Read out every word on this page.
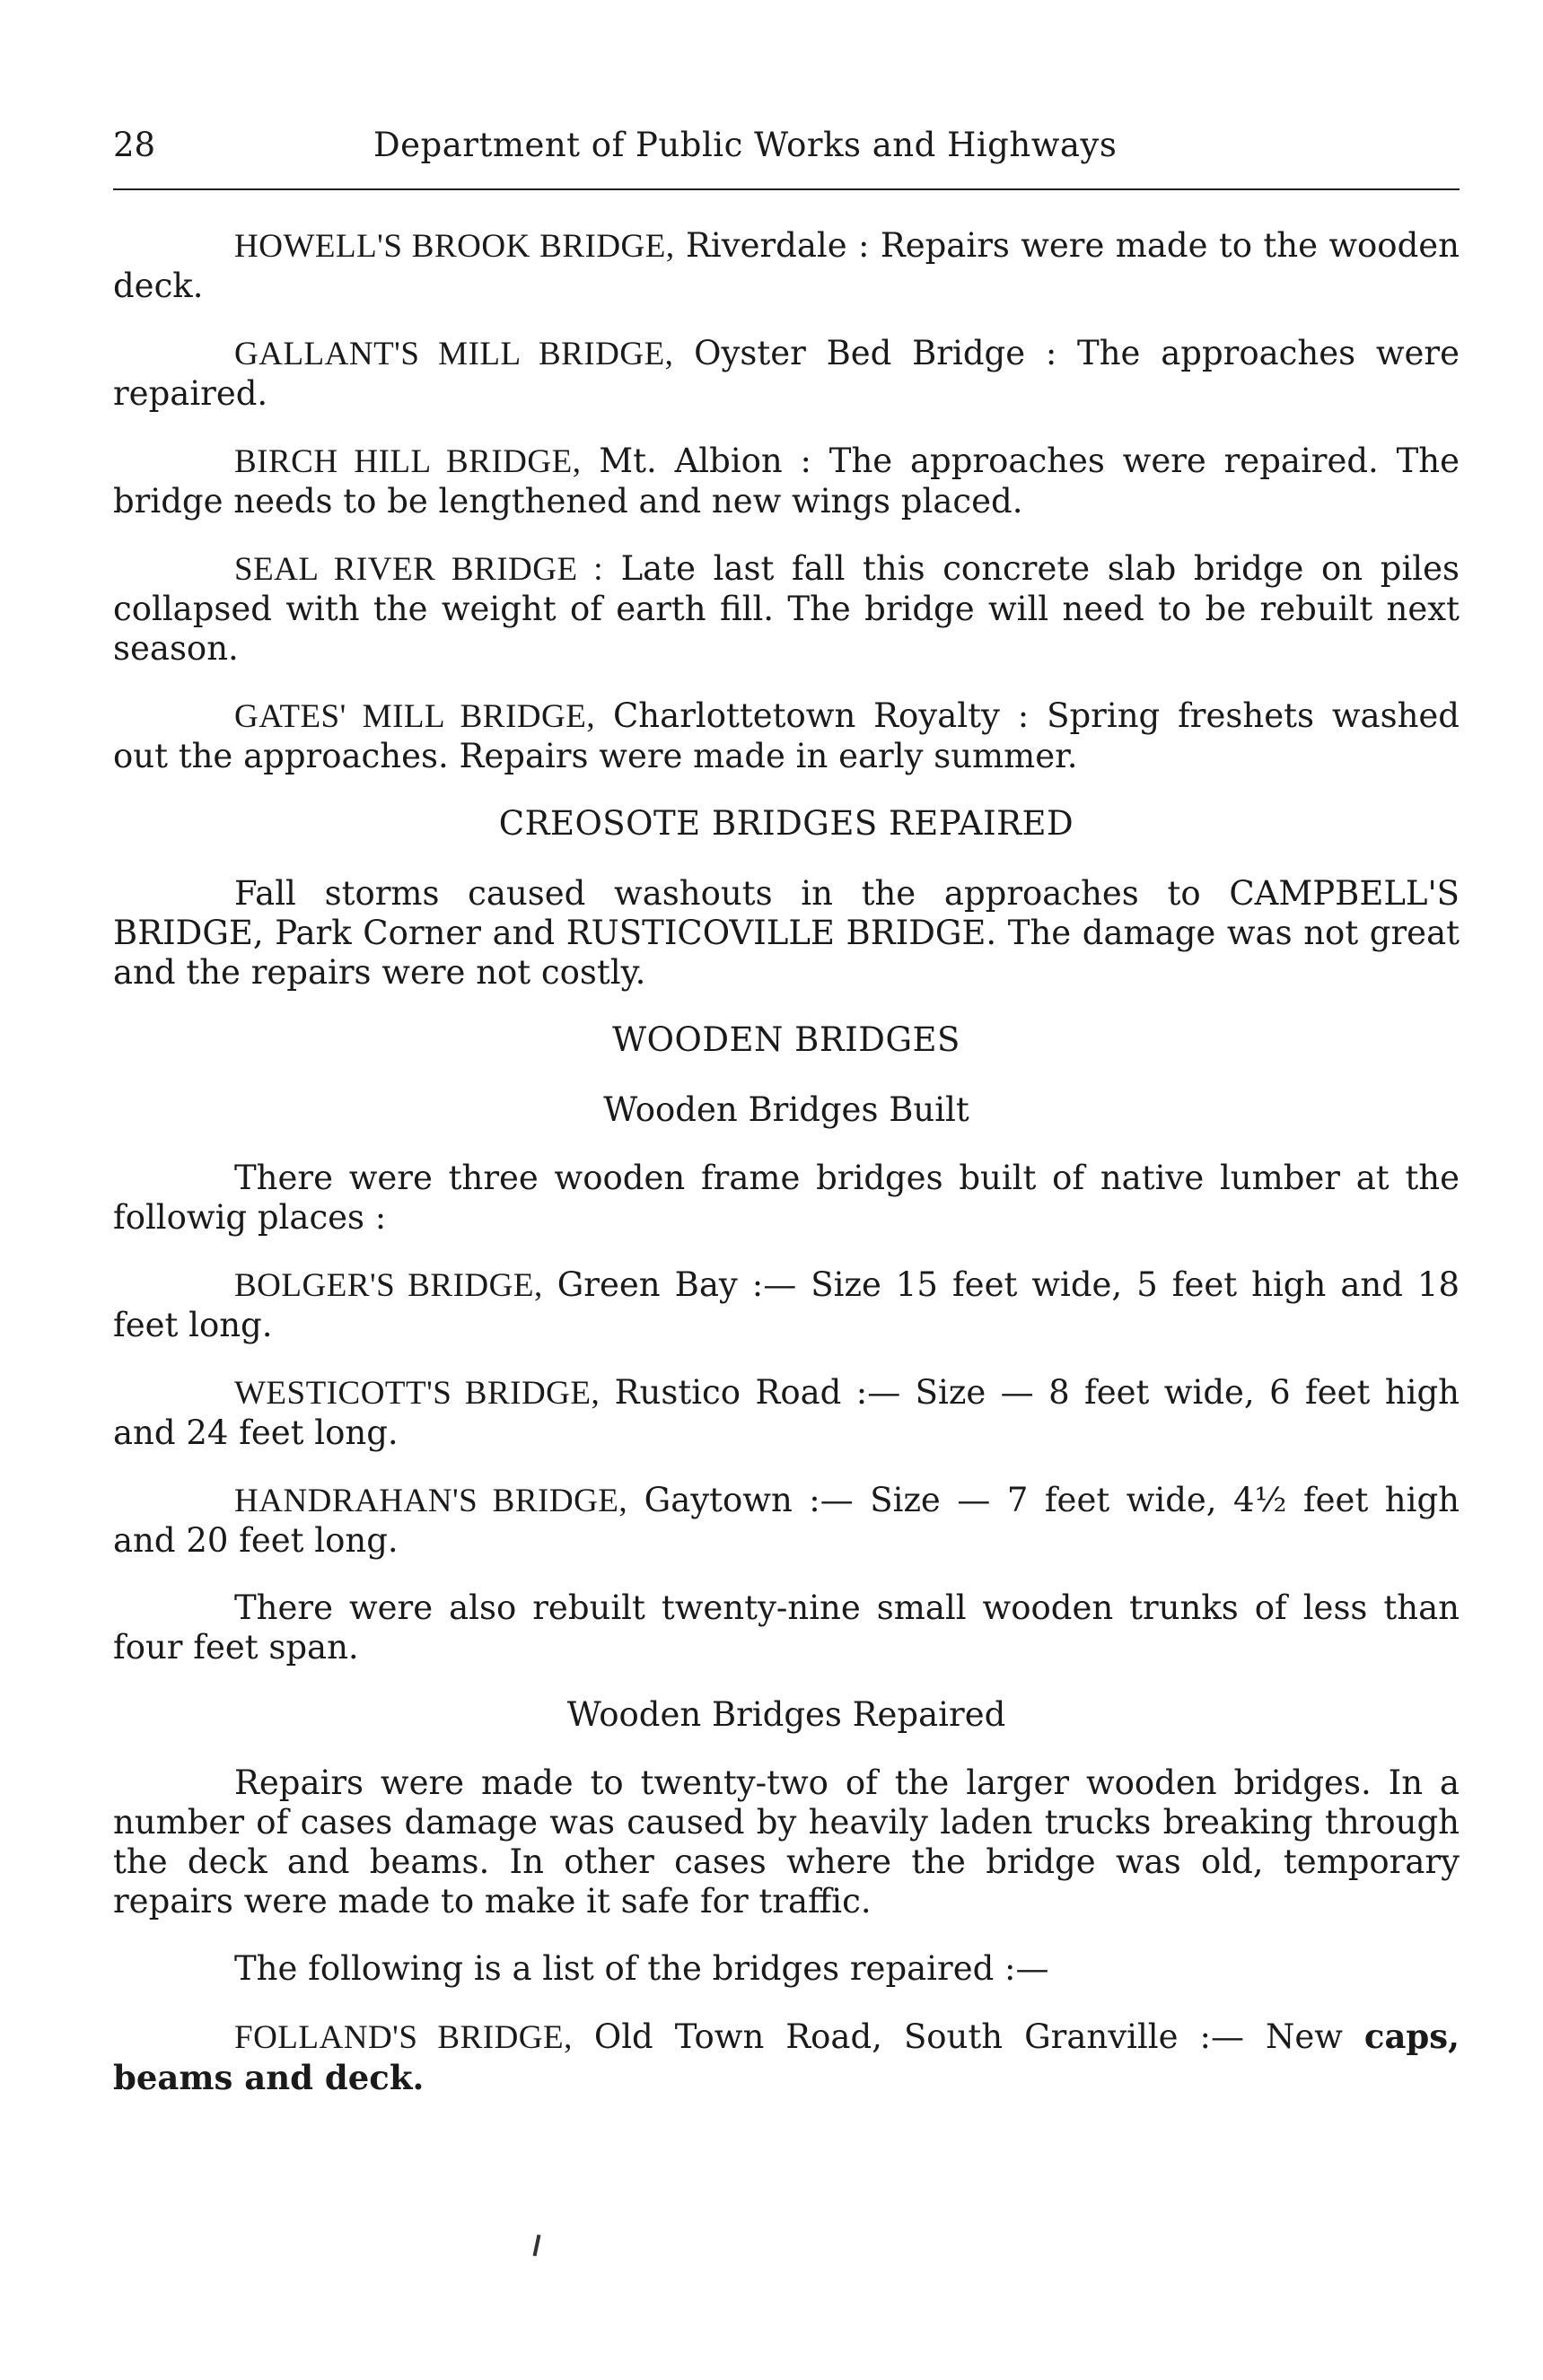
28	Department of Public Works and Highways

HOWELL'S BROOK BRIDGE, Riverdale : Repairs were made to the wooden deck.

GALLANT'S MILL BRIDGE, Oyster Bed Bridge : The approaches were repaired.

BIRCH HILL BRIDGE, Mt. Albion : The approaches were repaired. The bridge needs to be lengthened and new wings placed.

SEAL RIVER BRIDGE : Late last fall this concrete slab bridge on piles collapsed with the weight of earth fill. The bridge will need to be rebuilt next season.

GATES' MILL BRIDGE, Charlottetown Royalty : Spring freshets washed out the approaches. Repairs were made in early summer.

CREOSOTE BRIDGES REPAIRED

Fall storms caused washouts in the approaches to CAMPBELL'S BRIDGE, Park Corner and RUSTICOVILLE BRIDGE. The damage was not great and the repairs were not costly.

WOODEN BRIDGES
Wooden Bridges Built

There were three wooden frame bridges built of native lumber at the followig places :

BOLGER'S BRIDGE, Green Bay :— Size 15 feet wide, 5 feet high and 18 feet long.

WESTICOTT'S BRIDGE, Rustico Road :— Size — 8 feet wide, 6 feet high and 24 feet long.

HANDRAHAN'S BRIDGE, Gaytown :— Size — 7 feet wide, 4½ feet high and 20 feet long.

There were also rebuilt twenty-nine small wooden trunks of less than four feet span.

Wooden Bridges Repaired

Repairs were made to twenty-two of the larger wooden bridges. In a number of cases damage was caused by heavily laden trucks breaking through the deck and beams. In other cases where the bridge was old, temporary repairs were made to make it safe for traffic.

The following is a list of the bridges repaired :—

FOLLAND'S BRIDGE, Old Town Road, South Granville :— New caps, beams and deck.
